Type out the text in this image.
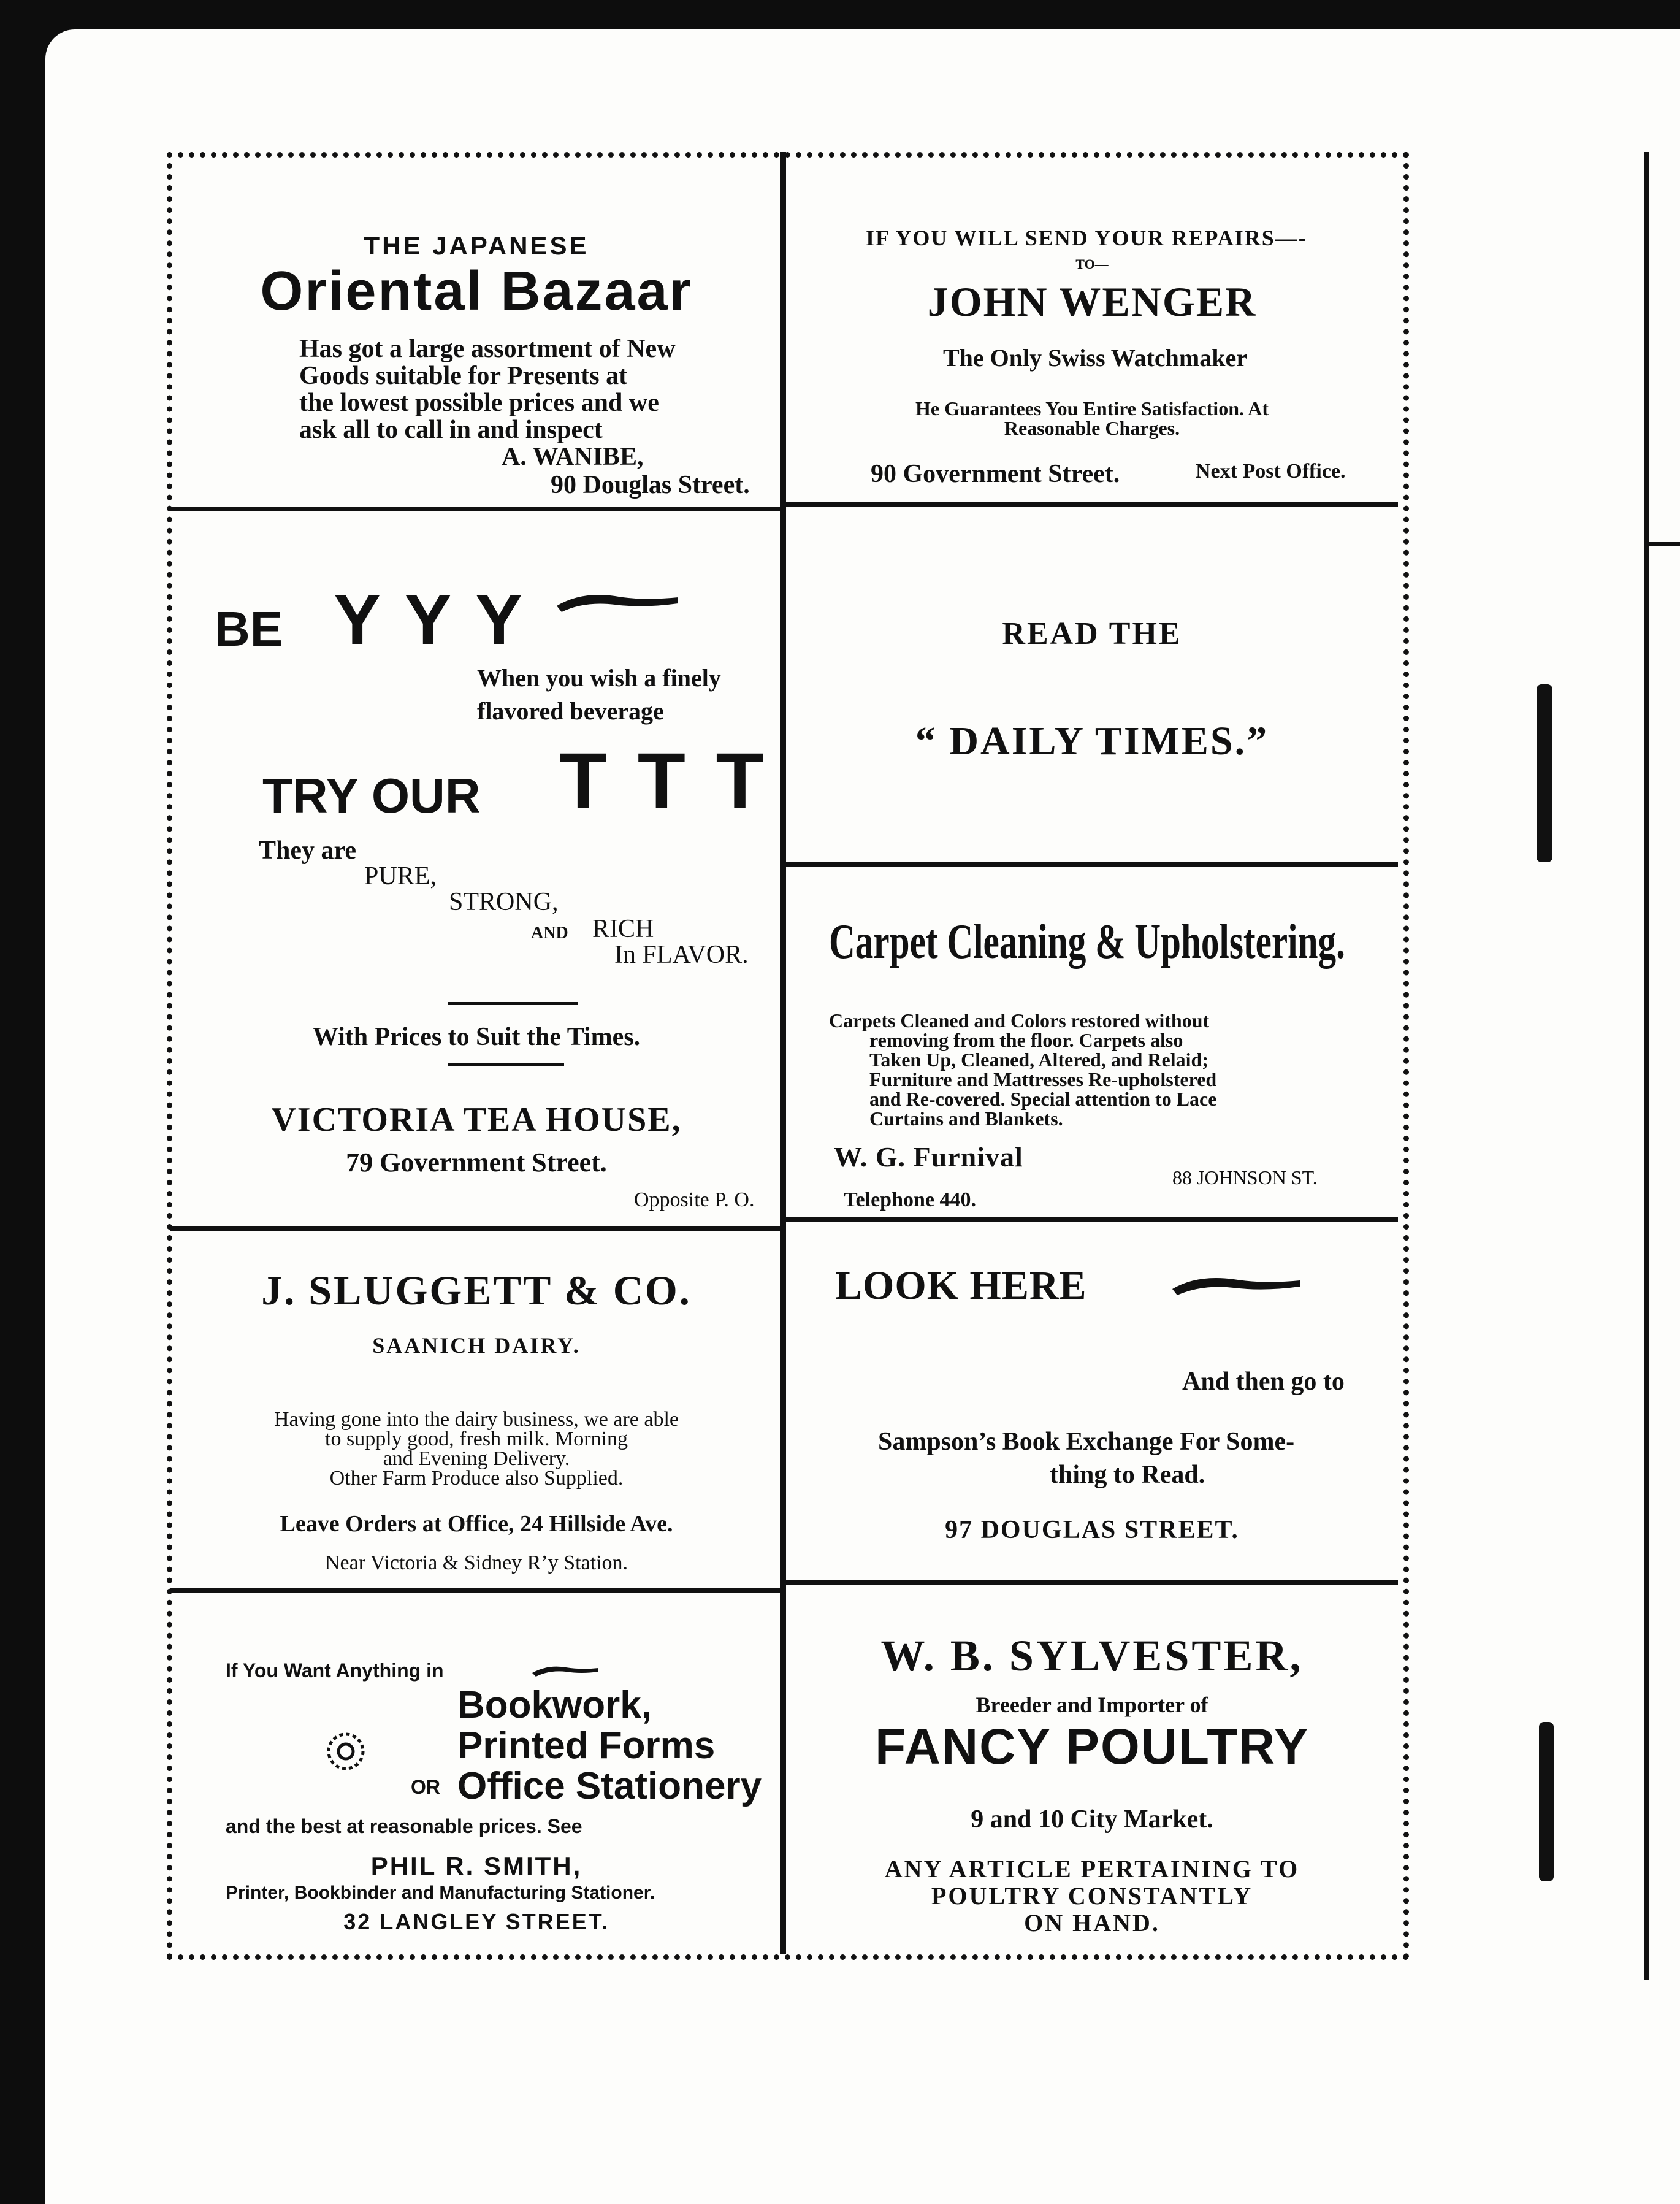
THE JAPANESE
Oriental Bazaar
Has got a large assortment of New
Goods suitable for Presents at
the lowest possible prices and we
ask all to call in and inspect
A. WANIBE,
90 Douglas Street.
IF YOU WILL SEND YOUR REPAIRS—-
TO—
JOHN WENGER
The Only Swiss Watchmaker
He Guarantees You Entire Satisfaction. At
Reasonable Charges.
90 Government Street.	Next Post Office.
BE Y Y Y
When you wish a finely
flavored beverage
TRY OUR T T T
They are
PURE,
STRONG,
AND RICH
In FLAVOR.
With Prices to Suit the Times.
VICTORIA TEA HOUSE,
79 Government Street.
Opposite P. O.
READ THE
“ DAILY TIMES.”
Carpet Cleaning & Upholstering.
Carpets Cleaned and Colors restored without
removing from the floor. Carpets also
Taken Up, Cleaned, Altered, and Relaid;
Furniture and Mattresses Re-upholstered
and Re-covered. Special attention to Lace
Curtains and Blankets.
W. G. Furnival
88 JOHNSON ST.
Telephone 440.
J. SLUGGETT & CO.
SAANICH DAIRY.
Having gone into the dairy business, we are able
to supply good, fresh milk. Morning
and Evening Delivery.
Other Farm Produce also Supplied.
Leave Orders at Office, 24 Hillside Ave.
Near Victoria & Sidney R’y Station.
LOOK HERE
And then go to
Sampson’s Book Exchange For Some-
thing to Read.
97 DOUGLAS STREET.
If You Want Anything in
Bookwork,
Printed Forms
OR Office Stationery
and the best at reasonable prices. See
PHIL R. SMITH,
Printer, Bookbinder and Manufacturing Stationer.
32 LANGLEY STREET.
W. B. SYLVESTER,
Breeder and Importer of
FANCY POULTRY
9 and 10 City Market.
ANY ARTICLE PERTAINING TO
POULTRY CONSTANTLY
ON HAND.
